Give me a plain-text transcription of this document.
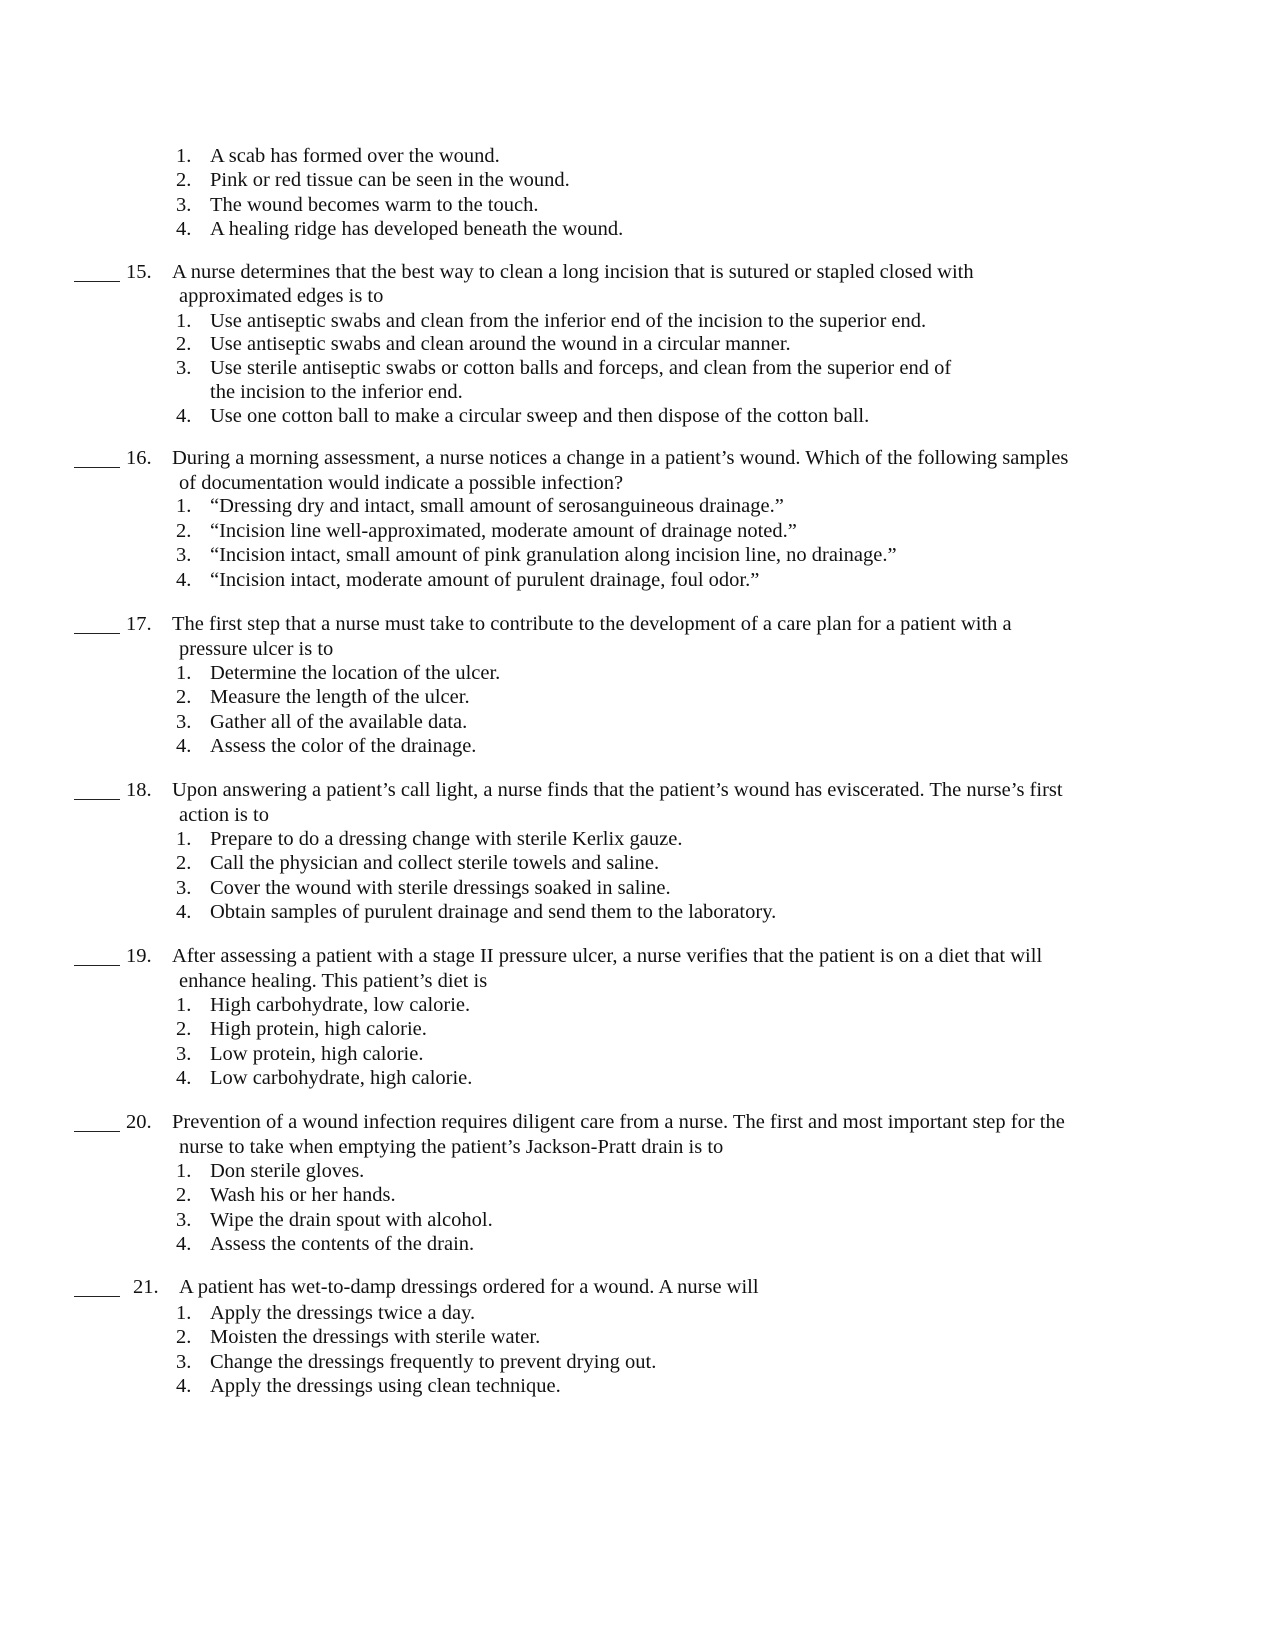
1. A scab has formed over the wound.
2. Pink or red tissue can be seen in the wound.
3. The wound becomes warm to the touch.
4. A healing ridge has developed beneath the wound.
15. A nurse determines that the best way to clean a long incision that is sutured or stapled closed with
approximated edges is to
1. Use antiseptic swabs and clean from the inferior end of the incision to the superior end.
2. Use antiseptic swabs and clean around the wound in a circular manner.
3. Use sterile antiseptic swabs or cotton balls and forceps, and clean from the superior end of
the incision to the inferior end.
4. Use one cotton ball to make a circular sweep and then dispose of the cotton ball.
16. During a morning assessment, a nurse notices a change in a patient’s wound. Which of the following samples
of documentation would indicate a possible infection?
1. “Dressing dry and intact, small amount of serosanguineous drainage.”
2. “Incision line well-approximated, moderate amount of drainage noted.”
3. “Incision intact, small amount of pink granulation along incision line, no drainage.”
4. “Incision intact, moderate amount of purulent drainage, foul odor.”
17. The first step that a nurse must take to contribute to the development of a care plan for a patient with a
pressure ulcer is to
1. Determine the location of the ulcer.
2. Measure the length of the ulcer.
3. Gather all of the available data.
4. Assess the color of the drainage.
18. Upon answering a patient’s call light, a nurse finds that the patient’s wound has eviscerated. The nurse’s first
action is to
1. Prepare to do a dressing change with sterile Kerlix gauze.
2. Call the physician and collect sterile towels and saline.
3. Cover the wound with sterile dressings soaked in saline.
4. Obtain samples of purulent drainage and send them to the laboratory.
19. After assessing a patient with a stage II pressure ulcer, a nurse verifies that the patient is on a diet that will
enhance healing. This patient’s diet is
1. High carbohydrate, low calorie.
2. High protein, high calorie.
3. Low protein, high calorie.
4. Low carbohydrate, high calorie.
20. Prevention of a wound infection requires diligent care from a nurse. The first and most important step for the
nurse to take when emptying the patient’s Jackson-Pratt drain is to
1. Don sterile gloves.
2. Wash his or her hands.
3. Wipe the drain spout with alcohol.
4. Assess the contents of the drain.
21. A patient has wet-to-damp dressings ordered for a wound. A nurse will
1. Apply the dressings twice a day.
2. Moisten the dressings with sterile water.
3. Change the dressings frequently to prevent drying out.
4. Apply the dressings using clean technique.
